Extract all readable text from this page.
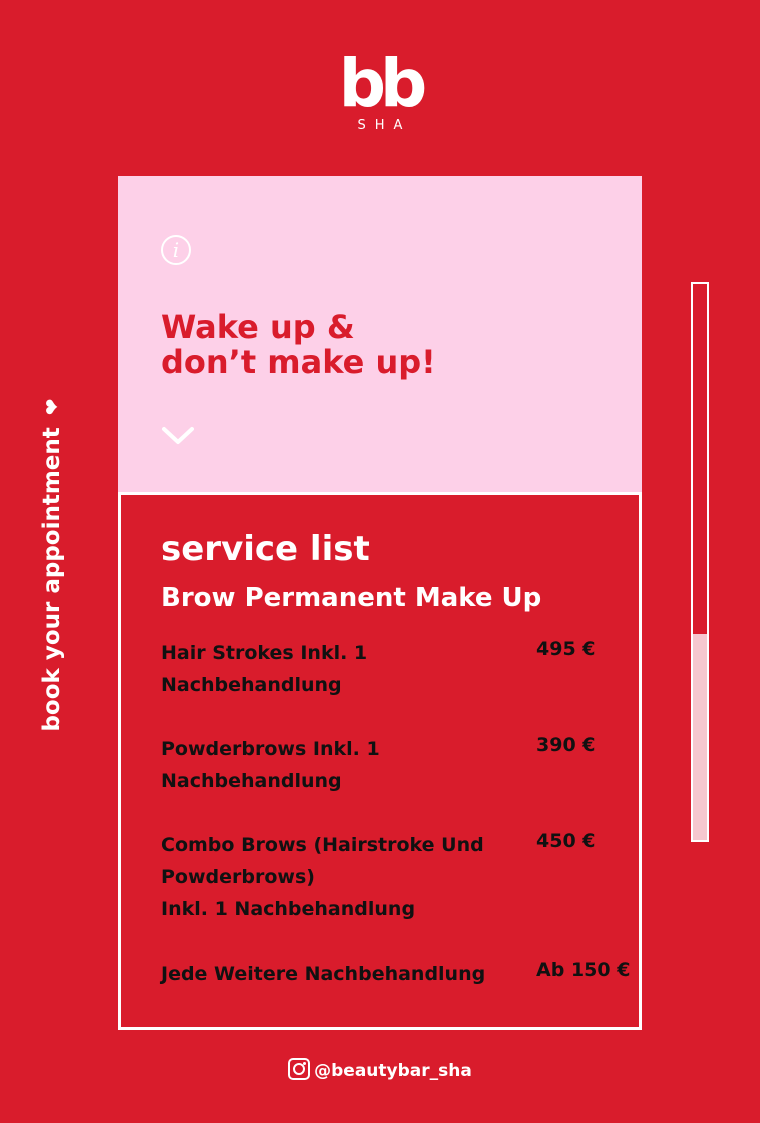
bb
SHA
book your appointment❤
i
Wake up &
don’t make up!
service list
Brow Permanent Make Up
Hair Strokes Inkl. 1
Nachbehandlung
495 €
Powderbrows Inkl. 1
Nachbehandlung
390 €
Combo Brows (Hairstroke Und
Powderbrows)
Inkl. 1 Nachbehandlung
450 €
Jede Weitere Nachbehandlung	Ab 150 €
@beautybar_sha
